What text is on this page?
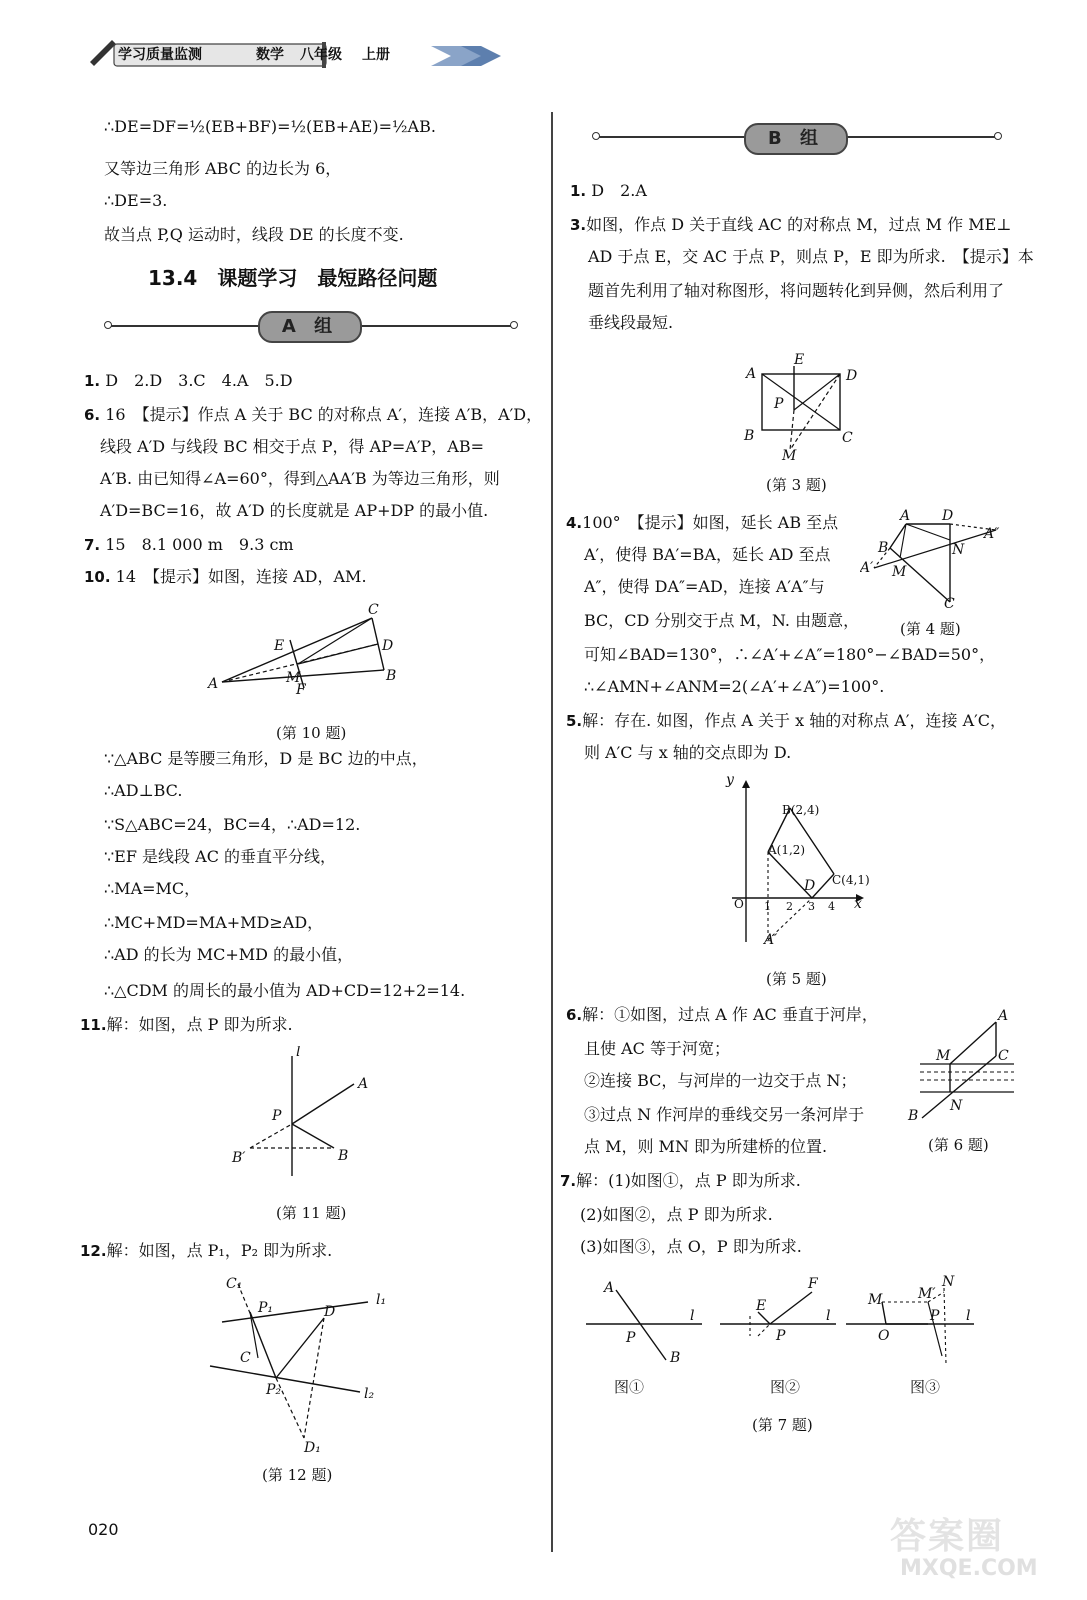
学习质量监测	数学 八年级 上册
∴DE=DF=½(EB+BF)=½(EB+AE)=½AB.
又等边三角形 ABC 的边长为 6，
∴DE=3.
故当点 P,Q 运动时，线段 DE 的长度不变.
13.4　课题学习　最短路径问题
A 组
1. D　2.D　3.C　4.A　5.D
6. 16　【提示】作点 A 关于 BC 的对称点 A′，连接 A′B，A′D，
线段 A′D 与线段 BC 相交于点 P，得 AP=A′P，AB=
A′B. 由已知得∠A=60°，得到△AA′B 为等边三角形，则
A′D=BC=16，故 A′D 的长度就是 AP+DP 的最小值.
7. 15　8.1 000 m　9.3 cm
10. 14　【提示】如图，连接 AD，AM.
C
E	D
A	M
F
B
(第 10 题)
∵△ABC 是等腰三角形，D 是 BC 边的中点，
∴AD⊥BC.
∵S△ABC=24，BC=4，∴AD=12.
∵EF 是线段 AC 的垂直平分线，
∴MA=MC，
∴MC+MD=MA+MD≥AD，
∴AD 的长为 MC+MD 的最小值，
∴△CDM 的周长的最小值为 AD+CD=12+2=14.
11.解：如图，点 P 即为所求.
l
A
P
B′	B
(第 11 题)
12.解：如图，点 P₁，P₂ 即为所求.
C₁
P₁	l₁
D
C
P₂	l₂
D₁
(第 12 题)
020
B 组
1. D　2.A
3.如图，作点 D 关于直线 AC 的对称点 M，过点 M 作 ME⊥
AD 于点 E，交 AC 于点 P，则点 P，E 即为所求.　【提示】本
题首先利用了轴对称图形，将问题转化到异侧，然后利用了
垂线段最短.
E
A	D
P
B	C
M
(第 3 题)
4.100°　【提示】如图，延长 AB 至点
A′，使得 BA′=BA，延长 AD 至点
A″，使得 DA″=AD，连接 A′A″与
BC，CD 分别交于点 M，N. 由题意，
可知∠BAD=130°，∴∠A′+∠A″=180°−∠BAD=50°，
∴∠AMN+∠ANM=2(∠A′+∠A″)=100°.
A D
A″
B	N
A′ M
C
(第 4 题)
5.解：存在. 如图，作点 A 关于 x 轴的对称点 A′，连接 A′C，
则 A′C 与 x 轴的交点即为 D.
y
B(2,4)
A(1,2)
C(4,1)
D
O	x
A′
1 2 3 4
(第 5 题)
6.解：①如图，过点 A 作 AC 垂直于河岸，
且使 AC 等于河宽；
②连接 BC，与河岸的一边交于点 N；
③过点 N 作河岸的垂线交另一条河岸于
点 M，则 MN 即为所建桥的位置.
A
M	C
N
B
(第 6 题)
7.解：(1)如图①，点 P 即为所求.
(2)如图②，点 P 即为所求.
(3)如图③，点 O，P 即为所求.
A
P
B
l
图①
F
E
P
l
图②
M	M′
N
O
P l
图③
(第 7 题)
答案圈
MXQE.COM
